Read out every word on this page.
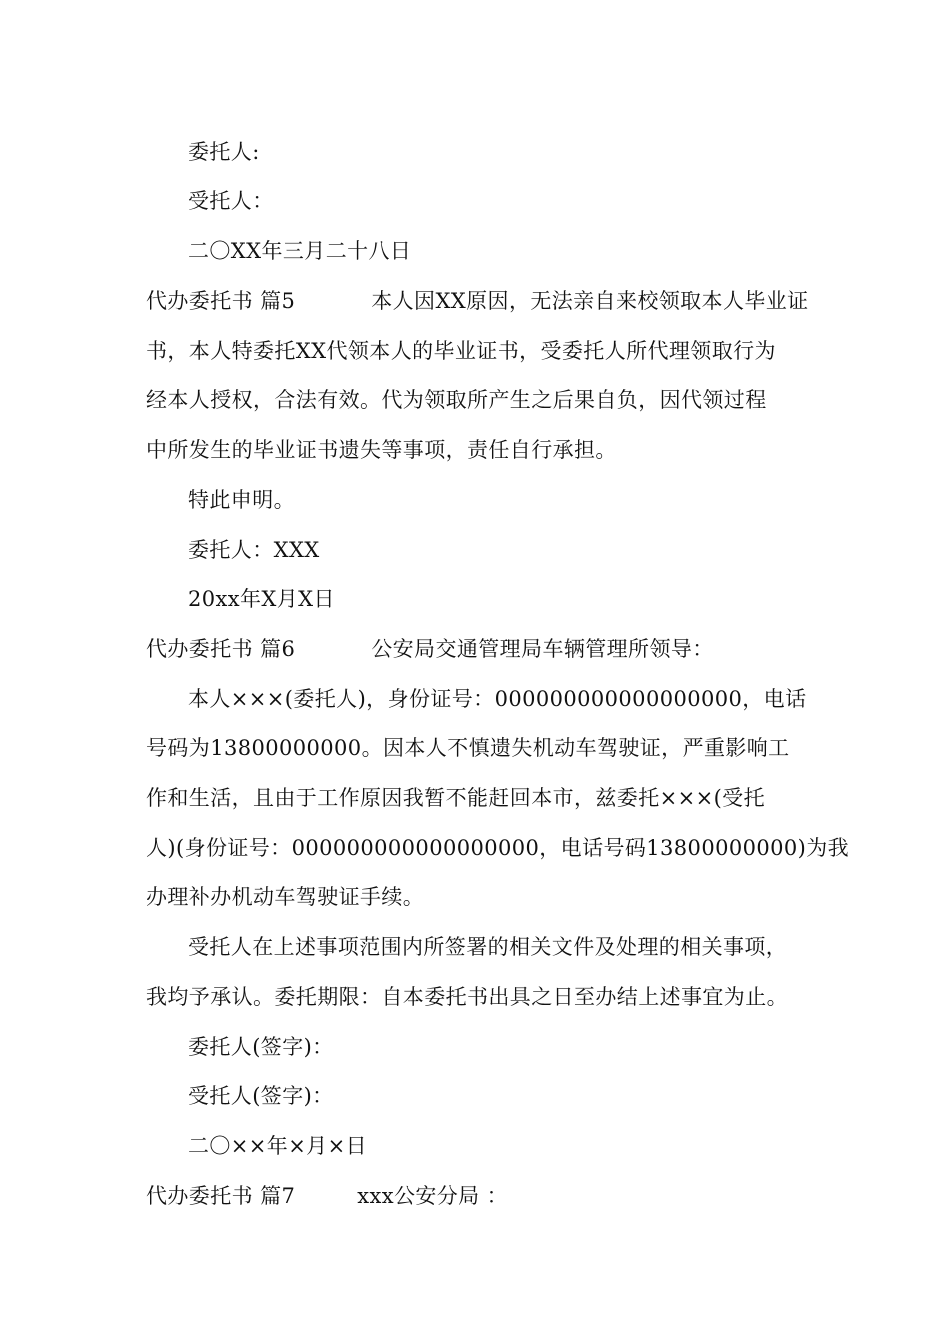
委托人:
受托人：
二〇XX年三月二十八日
代办委托书 篇5	本人因XX原因，无法亲自来校领取本人毕业证
书，本人特委托XX代领本人的毕业证书，受委托人所代理领取行为
经本人授权，合法有效。代为领取所产生之后果自负，因代领过程
中所发生的毕业证书遗失等事项，责任自行承担。
特此申明。
委托人：XXX
20xx年X月X日
代办委托书 篇6	公安局交通管理局车辆管理所领导：
本人×××(委托人)，身份证号：000000000000000000，电话
号码为13800000000。因本人不慎遗失机动车驾驶证，严重影响工
作和生活，且由于工作原因我暂不能赶回本市，兹委托×××(受托
人)(身份证号：000000000000000000，电话号码13800000000)为我
办理补办机动车驾驶证手续。
受托人在上述事项范围内所签署的相关文件及处理的相关事项，
我均予承认。委托期限：自本委托书出具之日至办结上述事宜为止。
委托人(签字)：
受托人(签字)：
二〇××年×月×日
代办委托书 篇7	xxx公安分局 ：
